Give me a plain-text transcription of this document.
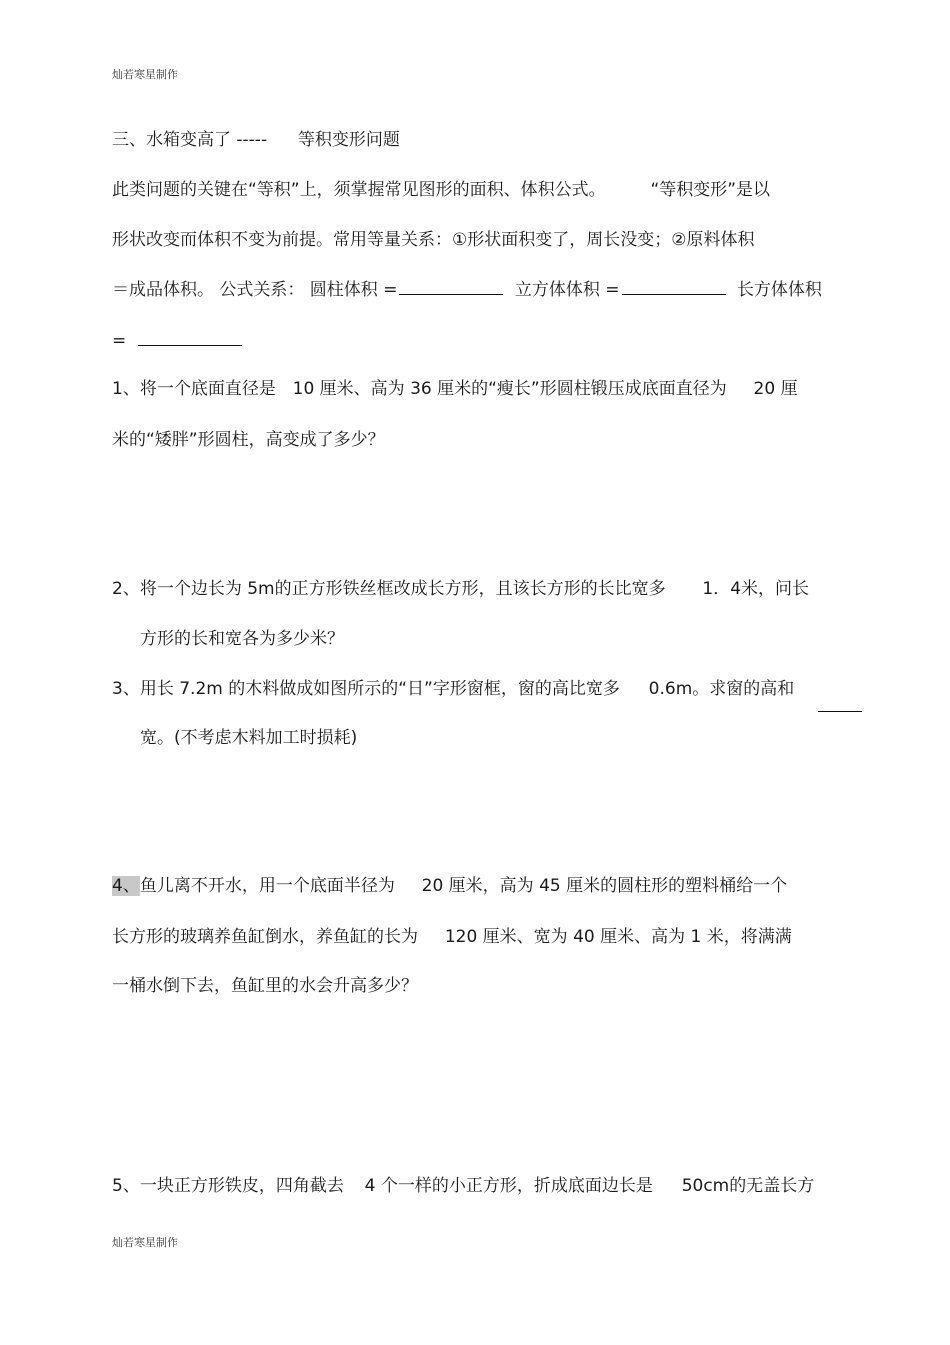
灿若寒星制作
三、水箱变高了 ----- 等积变形问题
此类问题的关键在“等积”上，须掌握常见图形的面积、体积公式。	“等积变形”是以
形状改变而体积不变为前提。常用等量关系：①形状面积变了，周长没变；②原料体积
＝成品体积。 公式关系： 圆柱体积 =	立方体体积 =	长方体体积
=
1、将一个底面直径是 10 厘米、高为 36 厘米的“瘦长”形圆柱锻压成底面直径为 20 厘
米的“矮胖”形圆柱，高变成了多少？
2、将一个边长为 5m的正方形铁丝框改成长方形，且该长方形的长比宽多 1．4米，问长
方形的长和宽各为多少米？
3、用长 7.2m 的木料做成如图所示的“日”字形窗框，窗的高比宽多 0.6m。求窗的高和
宽。(不考虑木料加工时损耗)
4、鱼儿离不开水，用一个底面半径为 20 厘米，高为 45 厘米的圆柱形的塑料桶给一个
长方形的玻璃养鱼缸倒水，养鱼缸的长为 120 厘米、宽为 40 厘米、高为 1 米，将满满
一桶水倒下去，鱼缸里的水会升高多少？
5、一块正方形铁皮，四角截去 4 个一样的小正方形，折成底面边长是 50cm的无盖长方
灿若寒星制作
